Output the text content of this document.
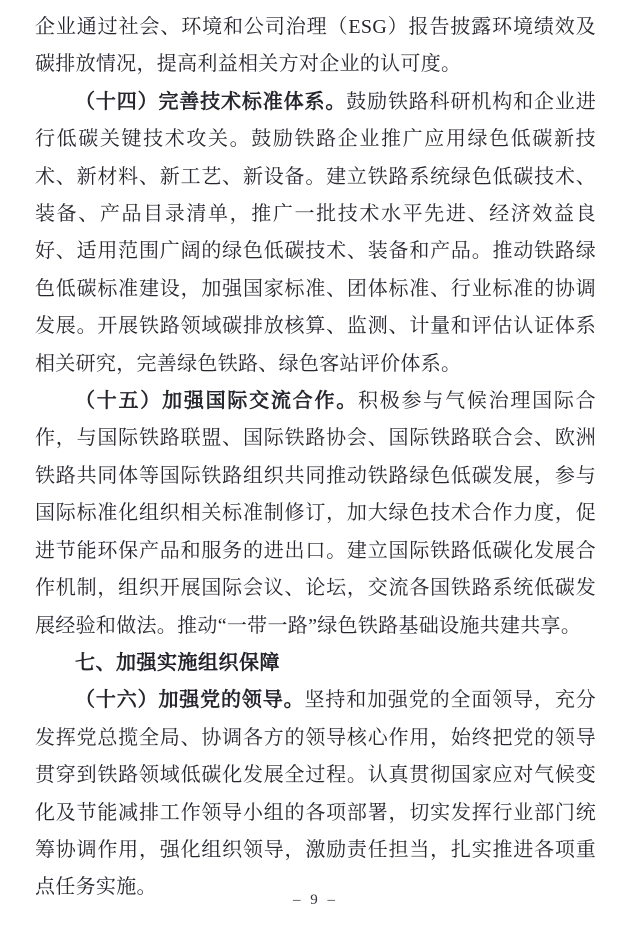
企业通过社会、环境和公司治理（ESG）报告披露环境绩效及碳排放情况，提高利益相关方对企业的认可度。

（十四）完善技术标准体系。鼓励铁路科研机构和企业进行低碳关键技术攻关。鼓励铁路企业推广应用绿色低碳新技术、新材料、新工艺、新设备。建立铁路系统绿色低碳技术、装备、产品目录清单，推广一批技术水平先进、经济效益良好、适用范围广阔的绿色低碳技术、装备和产品。推动铁路绿色低碳标准建设，加强国家标准、团体标准、行业标准的协调发展。开展铁路领域碳排放核算、监测、计量和评估认证体系相关研究，完善绿色铁路、绿色客站评价体系。

（十五）加强国际交流合作。积极参与气候治理国际合作，与国际铁路联盟、国际铁路协会、国际铁路联合会、欧洲铁路共同体等国际铁路组织共同推动铁路绿色低碳发展，参与国际标准化组织相关标准制修订，加大绿色技术合作力度，促进节能环保产品和服务的进出口。建立国际铁路低碳化发展合作机制，组织开展国际会议、论坛，交流各国铁路系统低碳发展经验和做法。推动“一带一路”绿色铁路基础设施共建共享。

七、加强实施组织保障

（十六）加强党的领导。坚持和加强党的全面领导，充分发挥党总揽全局、协调各方的领导核心作用，始终把党的领导贯穿到铁路领域低碳化发展全过程。认真贯彻国家应对气候变化及节能减排工作领导小组的各项部署，切实发挥行业部门统筹协调作用，强化组织领导，激励责任担当，扎实推进各项重点任务实施。

– 9 –
